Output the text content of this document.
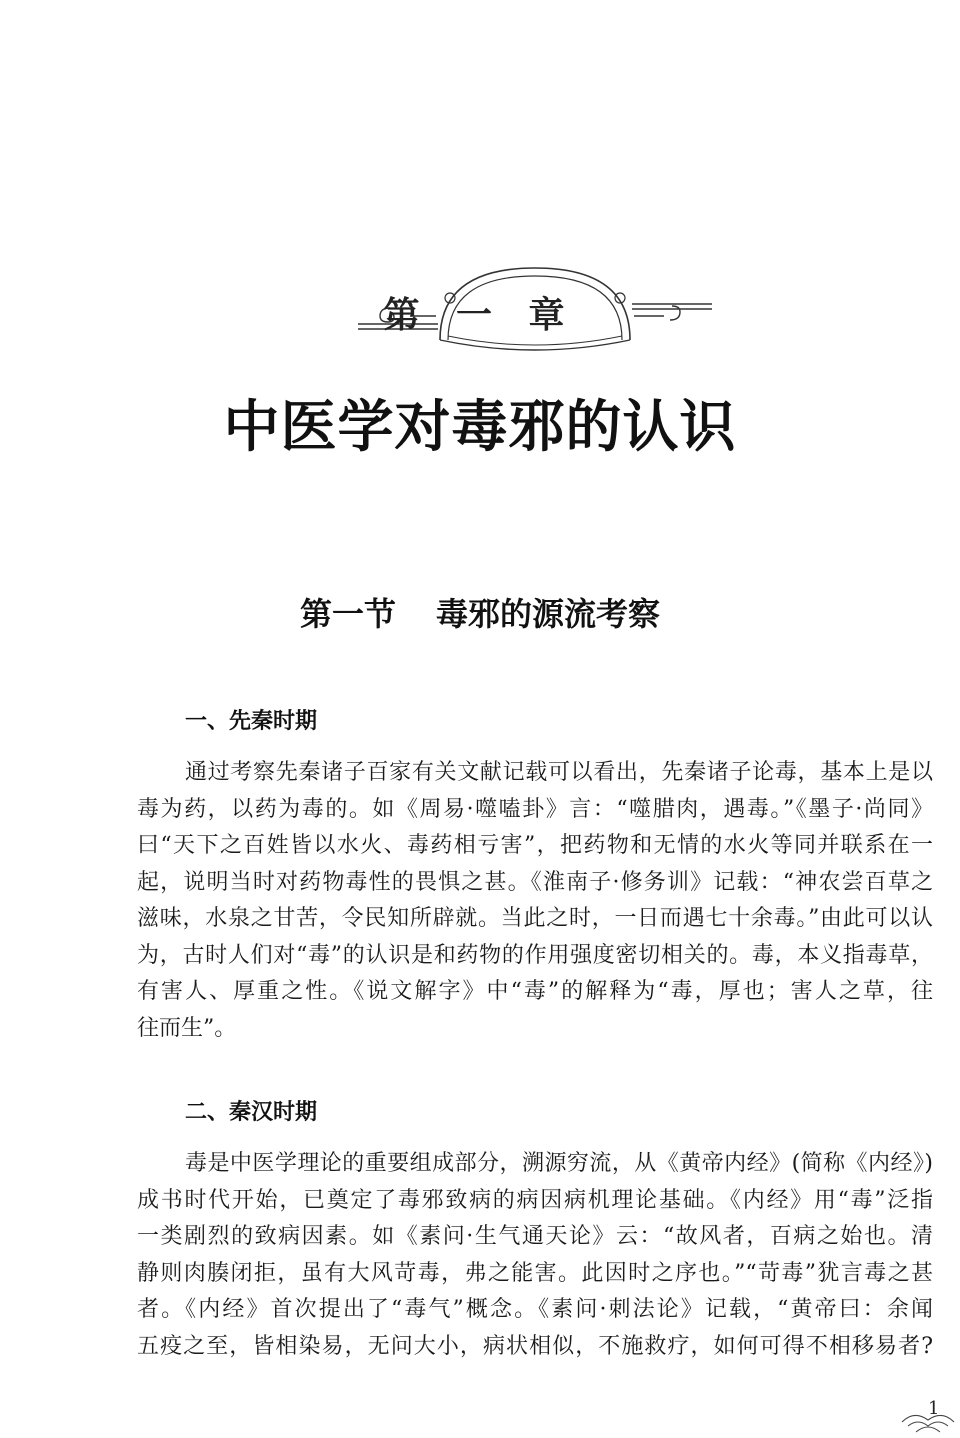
第 一 章
中医学对毒邪的认识
第一节 毒邪的源流考察
一、先秦时期
通过考察先秦诸子百家有关文献记载可以看出，先秦诸子论毒，基本上是以
毒为药，以药为毒的。如《周易·噬嗑卦》言：“噬腊肉，遇毒。”《墨子·尚同》
曰“天下之百姓皆以水火、毒药相亏害”，把药物和无情的水火等同并联系在一
起，说明当时对药物毒性的畏惧之甚。《淮南子·修务训》记载：“神农尝百草之
滋味，水泉之甘苦，令民知所辟就。当此之时，一日而遇七十余毒。”由此可以认
为，古时人们对“毒”的认识是和药物的作用强度密切相关的。毒，本义指毒草，
有害人、厚重之性。《说文解字》中“毒”的解释为“毒，厚也；害人之草，往
往而生”。
二、秦汉时期
毒是中医学理论的重要组成部分，溯源穷流，从《黄帝内经》(简称《内经》)
成书时代开始，已奠定了毒邪致病的病因病机理论基础。《内经》用“毒”泛指
一类剧烈的致病因素。如《素问·生气通天论》云：“故风者，百病之始也。清
静则肉腠闭拒，虽有大风苛毒，弗之能害。此因时之序也。”“苛毒”犹言毒之甚
者。《内经》首次提出了“毒气”概念。《素问·刺法论》记载，“黄帝曰：余闻
五疫之至，皆相染易，无问大小，病状相似，不施救疗，如何可得不相移易者?
1
